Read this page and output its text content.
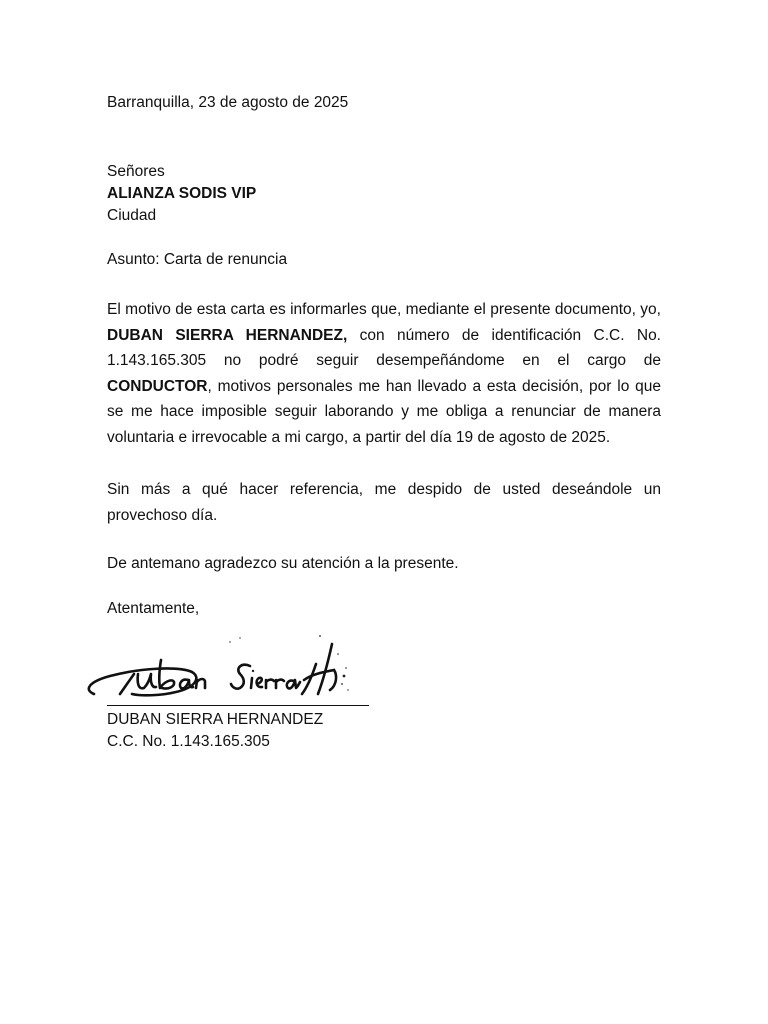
Barranquilla, 23 de agosto de 2025
Señores
ALIANZA SODIS VIP
Ciudad
Asunto: Carta de renuncia
El motivo de esta carta es informarles que, mediante el presente documento, yo, DUBAN SIERRA HERNANDEZ, con número de identificación C.C. No. 1.143.165.305 no podré seguir desempeñándome en el cargo de CONDUCTOR, motivos personales me han llevado a esta decisión, por lo que se me hace imposible seguir laborando y me obliga a renunciar de manera voluntaria e irrevocable a mi cargo, a partir del día 19 de agosto de 2025.
Sin más a qué hacer referencia, me despido de usted deseándole un provechoso día.
De antemano agradezco su atención a la presente.
Atentamente,
DUBAN SIERRA HERNANDEZ
C.C. No. 1.143.165.305
